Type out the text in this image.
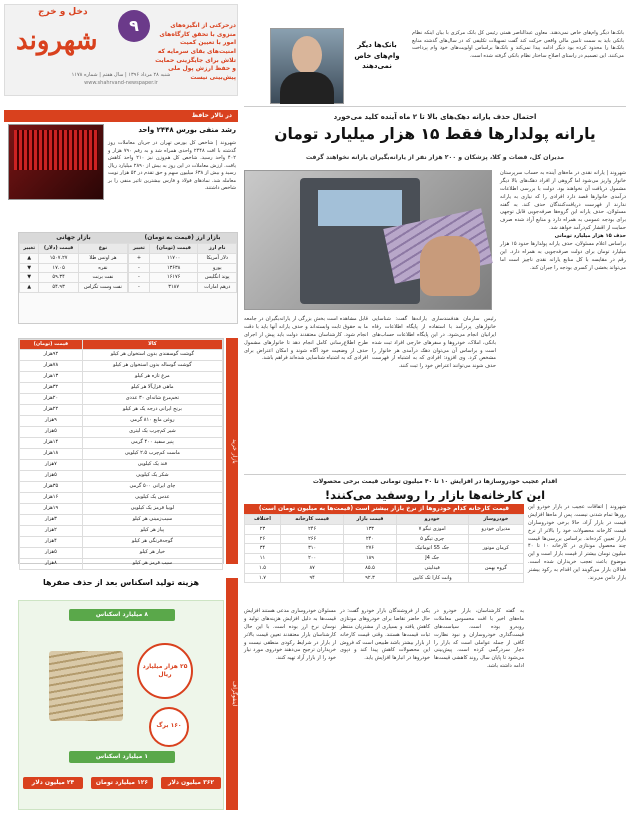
دخل و خرج
شهروند
۹	درحرکتی از انگیزه‌های منزوی با تحقق کارگاه‌های امور با تعیین کمیت امنیت‌های بقای سرمایه که تلاش برای جایگزینی حمایت و حفظ ارزش پول ملی پیش‌بینی نیست
شنبه ۲۸ مرداد ۱۳۹۶ | سال هفتم | شماره ۱۱۷۸
www.shahrvand-newspaper.ir
بانک‌ها دیگر وام‌های خاص نمی‌دهند
بانک‌ها دیگر وام‌های خاص نمی‌دهند. معاون عبدالناصر همتی رئیس کل بانک مرکزی با بیان اینکه نظام بانکی باید به سمت تامین مالی واقعی حرکت کند گفت تسهیلات تکلیفی که در سال‌های گذشته منابع بانک‌ها را محدود کرده بود دیگر ادامه پیدا نمی‌کند و بانک‌ها براساس اولویت‌های خود وام پرداخت می‌کنند. این تصمیم در راستای اصلاح ساختار نظام بانکی گرفته شده است.
در تالار حافظ
رشد منفی بورس ۲۴۴۸ واحد
شهروند | شاخص کل بورس تهران در جریان معاملات روز گذشته با افت ۲۴۴۸ واحدی همراه شد و به رقم ۷۹۰ هزار و ۴۰۲ واحد رسید. شاخص کل هم‌وزن نیز ۲۱۰ واحد کاهش یافت. ارزش معاملات در این روز به بیش از ۲۸۹۰ میلیارد ریال رسید و بیش از ۶۳۸ میلیون سهم و حق تقدم در ۵۲ هزار نوبت معامله شد. نمادهای فولاد و فارس بیشترین تاثیر منفی را بر شاخص داشتند.
بازار ارز (قیمت به تومان)
نام ارز	قیمت (تومان)	تغییر
دلار آمریکا	۱۱۷۰۰	+
یورو	۱۳۶۳۸	-
پوند انگلیس	۱۶۱۷۶	-
درهم امارات	۳۱۸۷	-
بازار جهانی
نوع	قیمت (دلار)	تغییر
هر اونس طلا	۱۵۰۷.۲۷	▲
نقره	۱۷.۰۵	▼
نفت برنت	۵۹.۳۴	▼
نفت وست تگزاس	۵۴.۹۳	▲
بازار خرید
کالا	قیمت (تومان)
گوشت گوسفندی بدون استخوان هر کیلو	۹۲هزار
گوشت گوساله بدون استخوان هر کیلو	۷۸هزار
مرغ تازه هر کیلو	۱۳هزار
ماهی قزل‌آلا هر کیلو	۳۲هزار
تخم‌مرغ شانه‌ای ۳۰ عددی	۲۰هزار
برنج ایرانی درجه یک هر کیلو	۲۲هزار
روغن مایع ۸۱۰ گرمی	۹هزار
شیر کم‌چرب یک لیتری	۵هزار
پنیر سفید ۴۰۰ گرمی	۱۴هزار
ماست کم‌چرب ۲.۵ کیلویی	۱۸هزار
قند یک کیلویی	۷هزار
شکر یک کیلویی	۵هزار
چای ایرانی ۵۰۰ گرمی	۳۵هزار
عدس یک کیلویی	۱۶هزار
لوبیا قرمز یک کیلویی	۱۹هزار
سیب‌زمینی هر کیلو	۳هزار
پیاز هر کیلو	۲هزار
گوجه‌فرنگی هر کیلو	۴هزار
خیار هر کیلو	۵هزار
سیب قرمز هر کیلو	۸هزار
اینفوگراف
هزینه تولید اسکناس بعد از حذف صفرها
۸ میلیارد اسکناس
۲۵ هزار میلیارد ریال
۱۶۰ برگ
۱ میلیارد اسکناس
۲۴ میلیون دلار	۱۲۶ میلیارد تومان	۳۶۲ میلیون دلار
احتمال حذف یارانه دهک‌های بالا تا ۲ ماه آینده کلید می‌خورد
یارانه پولدارها فقط ۱۵ هزار میلیارد تومان
مدیران کل، قضات و کلا، پزشکان و ۲۰۰ هزار نفر از یارانه‌بگیران یارانه نخواهند گرفت

شهروند | یارانه نقدی در ماه‌های آینده به حساب سرپرستان خانوار واریز می‌شود اما گروهی از افراد دهک‌های بالا دیگر مشمول دریافت آن نخواهند بود. دولت با بررسی اطلاعات درآمدی خانوارها قصد دارد افرادی را که نیازی به یارانه ندارند از فهرست دریافت‌کنندگان حذف کند. به گفته مسئولان، حذف یارانه این گروه‌ها صرفه‌جویی قابل توجهی برای بودجه عمومی به همراه دارد و منابع آزاد شده صرف حمایت از اقشار کم‌درآمد خواهد شد.

حذف ۱۵ هزار میلیارد تومانی

براساس اعلام مسئولان، حذف یارانه پولدارها حدود ۱۵ هزار میلیارد تومان برای دولت صرفه‌جویی به همراه دارد. این رقم در مقایسه با کل منابع یارانه نقدی ناچیز است اما می‌تواند بخشی از کسری بودجه را جبران کند.

رئیس سازمان هدفمندسازی یارانه‌ها گفت: شناسایی خانوارهای پردرآمد با استفاده از پایگاه اطلاعات رفاه ایرانیان انجام می‌شود. در این پایگاه اطلاعات حساب‌های بانکی، املاک، خودروها و سفرهای خارجی افراد ثبت شده است و براساس آن می‌توان دهک درآمدی هر خانوار را مشخص کرد. وی افزود: افرادی که به اشتباه از فهرست حذف شوند می‌توانند اعتراض خود را ثبت کنند.
قابل مشاهده است بخش بزرگی از یارانه‌بگیران در جامعه ما به حقوق ثابت وابسته‌اند و حذف یارانه آنها باید با دقت انجام شود. کارشناسان معتقدند دولت باید پیش از اجرای طرح اطلاع‌رسانی کامل انجام دهد تا خانوارهای مشمول حذف از وضعیت خود آگاه شوند و امکان اعتراض برای افرادی که به اشتباه شناسایی شده‌اند فراهم باشد.
اقدام عجیب خودروسازها در افزایش ۱۰ تا ۴۰ میلیون تومانی قیمت برخی محصولات
این کارخانه‌ها بازار را روسفید می‌کنند!
قیمت کارخانه کدام خودروها از نرخ بازار بیشتر است (قیمت‌ها به میلیون تومان است)
خودروساز	خودرو	قیمت بازار	قیمت کارخانه	اختلاف
مدیران خودرو	اموزی تیگو ۷	۱۳۳	۲۴۶	۲۳
	چری تیگو ۵	۲۴۰	۲۶۶	۲۶
کرمان موتور	جک S5 اتوماتیک	۲۷۶	۳۱۰	۳۴
	جک J4	۱۸۹	۲۰۰	۱۱
گروه بهمن	فیدلیتی	۸۵.۵	۸۷	۱.۵
	وانت کارا تک کابین	۹۲.۳	۹۴	۱.۷
شهروند | اتفاقات عجیب در بازار خودرو این روزها تمام شدنی نیست. پس از ماه‌ها افزایش قیمت در بازار آزاد، حالا برخی خودروسازان قیمت کارخانه محصولات خود را بالاتر از نرخ بازار تعیین کرده‌اند. براساس بررسی‌ها قیمت چند محصول مونتاژی در کارخانه ۱۰ تا ۴۰ میلیون تومان بیشتر از قیمت بازار است و این موضوع باعث تعجب خریداران شده است. فعالان بازار می‌گویند این اقدام به رکود بیشتر بازار دامن می‌زند.
مسئولان خودروسازی مدعی هستند افزایش قیمت‌ها به دلیل افزایش هزینه‌های تولید و نوسان نرخ ارز بوده است. با این حال کارشناسان بازار معتقدند تعیین قیمت بالاتر از بازار در شرایط رکودی منطقی نیست و خریداران ترجیح می‌دهند خودروی مورد نیاز خود را از بازار آزاد تهیه کنند.
یکی از فروشندگان بازار خودرو گفت: در حال حاضر تقاضا برای خودروهای مونتاژی کاهش یافته و بسیاری از مشتریان منتظر ثبات قیمت‌ها هستند. وقتی قیمت کارخانه از بازار بیشتر باشد طبیعی است که فروش این محصولات کاهش پیدا کند و دپوی خودروها در انبارها افزایش یابد.
به گفته کارشناسان، بازار خودرو در ماه‌های اخیر با افت محسوس معاملات روبه‌رو بوده است. سیاست‌های قیمت‌گذاری خودروسازان و نبود نظارت کافی از جمله عواملی است که بازار را دچار سردرگمی کرده است. پیش‌بینی می‌شود تا پایان سال روند کاهشی قیمت‌ها ادامه داشته باشد.
